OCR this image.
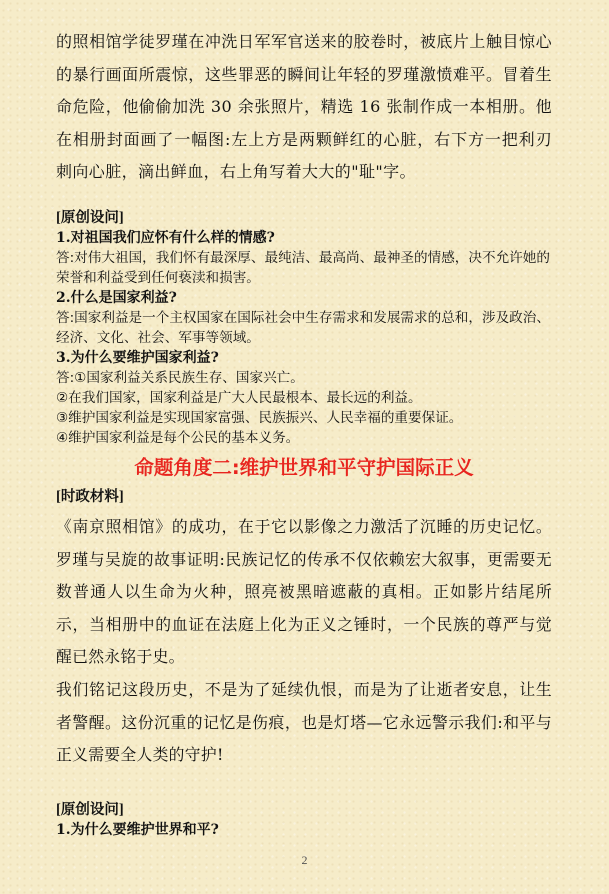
的照相馆学徒罗瑾在冲洗日军军官送来的胶卷时，被底片上触目惊心的暴行画面所震惊，这些罪恶的瞬间让年轻的罗瑾激愤难平。冒着生命危险，他偷偷加洗 30 余张照片，精选 16 张制作成一本相册。他在相册封面画了一幅图:左上方是两颗鲜红的心脏，右下方一把利刃刺向心脏，滴出鲜血，右上角写着大大的"耻"字。
[原创设问]
1.对祖国我们应怀有什么样的情感?
答:对伟大祖国，我们怀有最深厚、最纯洁、最高尚、最神圣的情感，决不允许她的荣誉和利益受到任何亵渎和损害。
2.什么是国家利益?
答:国家利益是一个主权国家在国际社会中生存需求和发展需求的总和，涉及政治、经济、文化、社会、军事等领域。
3.为什么要维护国家利益?
答:①国家利益关系民族生存、国家兴亡。
②在我们国家，国家利益是广大人民最根本、最长远的利益。
③维护国家利益是实现国家富强、民族振兴、人民幸福的重要保证。
④维护国家利益是每个公民的基本义务。
命题角度二:维护世界和平守护国际正义
[时政材料]

《南京照相馆》的成功，在于它以影像之力激活了沉睡的历史记忆。罗瑾与吴旋的故事证明:民族记忆的传承不仅依赖宏大叙事，更需要无数普通人以生命为火种，照亮被黑暗遮蔽的真相。正如影片结尾所示，当相册中的血证在法庭上化为正义之锤时，一个民族的尊严与觉醒已然永铭于史。

我们铭记这段历史，不是为了延续仇恨，而是为了让逝者安息，让生者警醒。这份沉重的记忆是伤痕，也是灯塔—它永远警示我们:和平与正义需要全人类的守护!

[原创设问]
1.为什么要维护世界和平?
2
